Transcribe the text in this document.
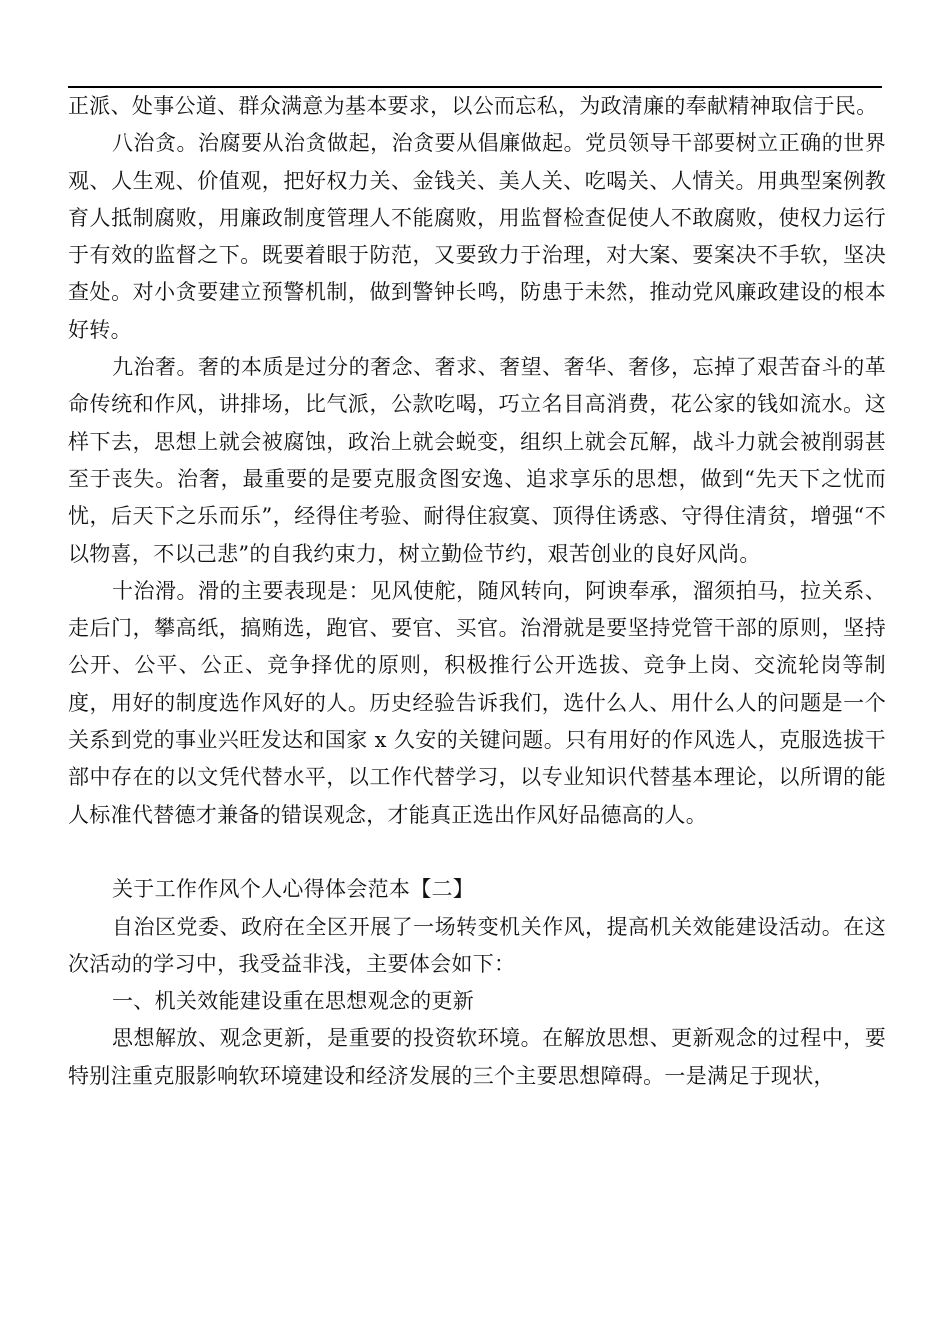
正派、处事公道、群众满意为基本要求，以公而忘私，为政清廉的奉献精神取信于民。

八治贪。治腐要从治贪做起，治贪要从倡廉做起。党员领导干部要树立正确的世界观、人生观、价值观，把好权力关、金钱关、美人关、吃喝关、人情关。用典型案例教育人抵制腐败，用廉政制度管理人不能腐败，用监督检查促使人不敢腐败，使权力运行于有效的监督之下。既要着眼于防范，又要致力于治理，对大案、要案决不手软，坚决查处。对小贪要建立预警机制，做到警钟长鸣，防患于未然，推动党风廉政建设的根本好转。

九治奢。奢的本质是过分的奢念、奢求、奢望、奢华、奢侈，忘掉了艰苦奋斗的革命传统和作风，讲排场，比气派，公款吃喝，巧立名目高消费，花公家的钱如流水。这样下去，思想上就会被腐蚀，政治上就会蜕变，组织上就会瓦解，战斗力就会被削弱甚至于丧失。治奢，最重要的是要克服贪图安逸、追求享乐的思想，做到“先天下之忧而忧，后天下之乐而乐”，经得住考验、耐得住寂寞、顶得住诱惑、守得住清贫，增强“不以物喜，不以己悲”的自我约束力，树立勤俭节约，艰苦创业的良好风尚。

十治滑。滑的主要表现是：见风使舵，随风转向，阿谀奉承，溜须拍马，拉关系、走后门，攀高纸，搞贿选，跑官、要官、买官。治滑就是要坚持党管干部的原则，坚持公开、公平、公正、竞争择优的原则，积极推行公开选拔、竞争上岗、交流轮岗等制度，用好的制度选作风好的人。历史经验告诉我们，选什么人、用什么人的问题是一个关系到党的事业兴旺发达和国家 x 久安的关键问题。只有用好的作风选人，克服选拔干部中存在的以文凭代替水平，以工作代替学习，以专业知识代替基本理论，以所谓的能人标准代替德才兼备的错误观念，才能真正选出作风好品德高的人。

关于工作作风个人心得体会范本【二】

自治区党委、政府在全区开展了一场转变机关作风，提高机关效能建设活动。在这次活动的学习中，我受益非浅，主要体会如下：

一、机关效能建设重在思想观念的更新

思想解放、观念更新，是重要的投资软环境。在解放思想、更新观念的过程中，要特别注重克服影响软环境建设和经济发展的三个主要思想障碍。一是满足于现状，
